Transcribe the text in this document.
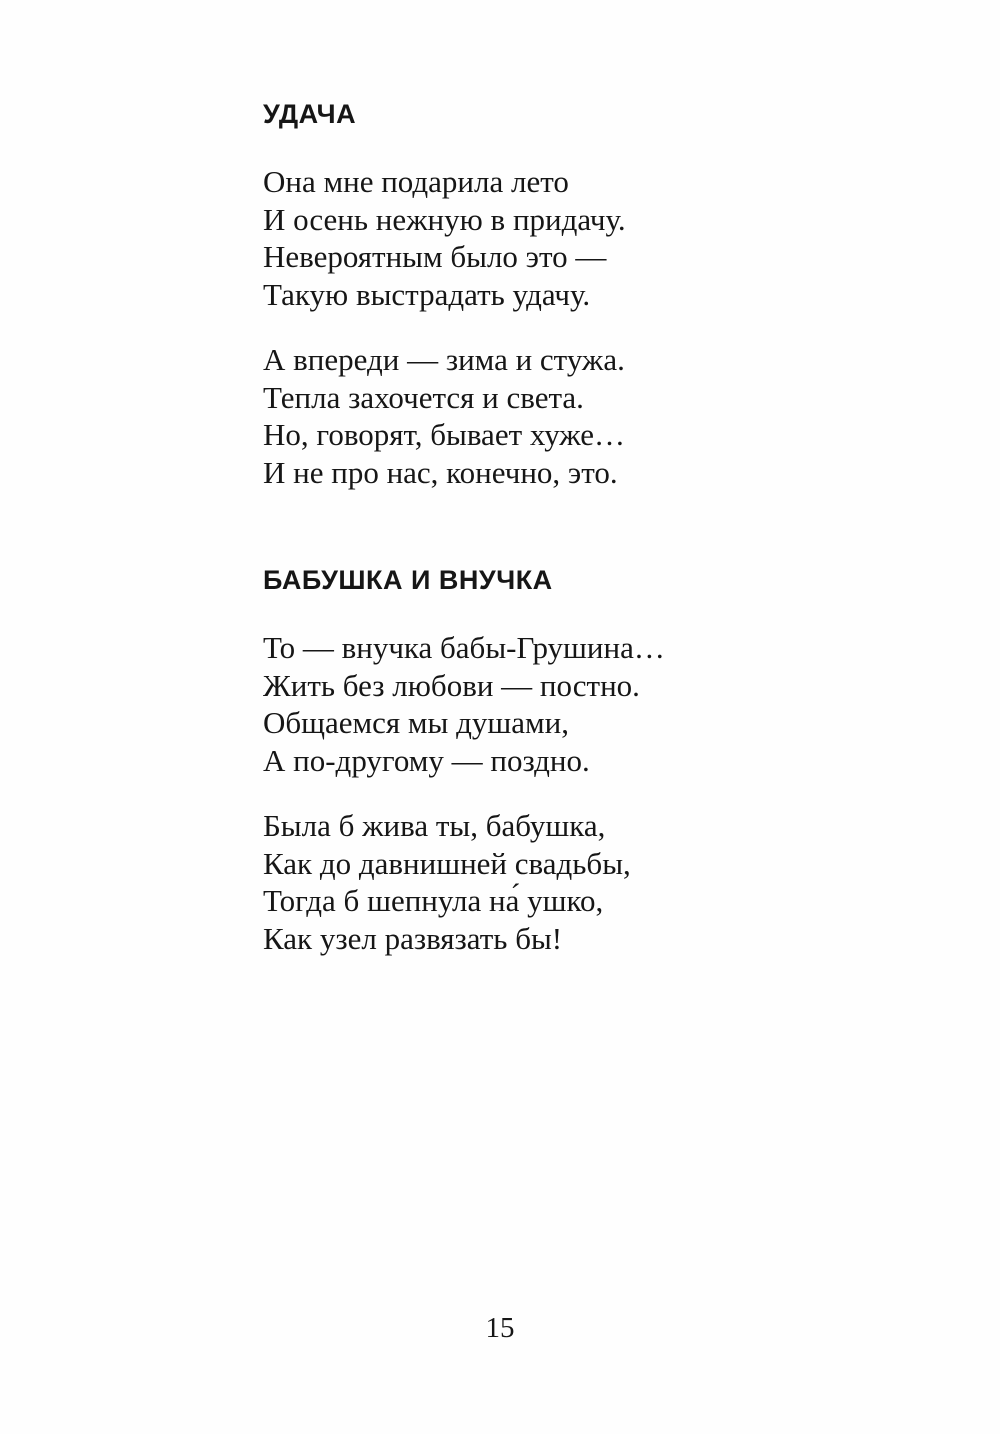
УДАЧА
Она мне подарила лето
И осень нежную в придачу.
Невероятным было это —
Такую выстрадать удачу.
А впереди — зима и стужа.
Тепла захочется и света.
Но, говорят, бывает хуже…
И не про нас, конечно, это.
БАБУШКА И ВНУЧКА
То — внучка бабы-Грушина…
Жить без любови — постно.
Общаемся мы душами,
А по-другому — поздно.
Была б жива ты, бабушка,
Как до давнишней свадьбы,
Тогда б шепнула на́ ушко,
Как узел развязать бы!
15
